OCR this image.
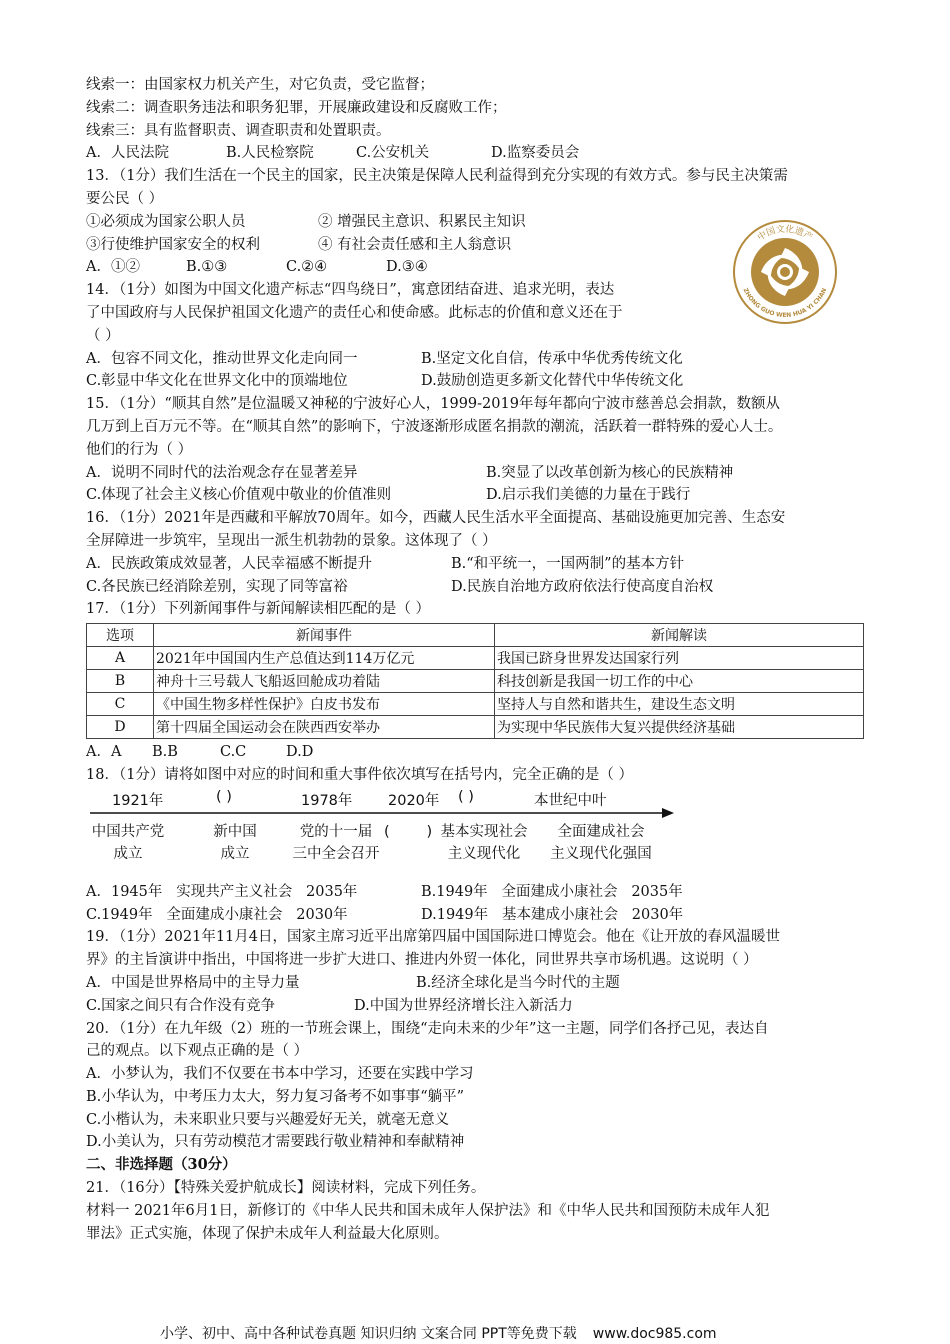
线索一：由国家权力机关产生，对它负责，受它监督；
线索二：调查职务违法和职务犯罪，开展廉政建设和反腐败工作；
线索三：具有监督职责、调查职责和处置职责。
A．人民法院	B.人民检察院	C.公安机关	D.监察委员会
13．（1分）我们生活在一个民主的国家，民主决策是保障人民利益得到充分实现的有效方式。参与民主决策需
要公民（ ）
①必须成为国家公职人员	② 增强民主意识、积累民主知识
③行使维护国家安全的权利	④ 有社会责任感和主人翁意识
A．①②	B.①③	C.②④	D.③④
14．（1分）如图为中国文化遗产标志“四鸟绕日”，寓意团结奋进、追求光明，表达
了中国政府与人民保护祖国文化遗产的责任心和使命感。此标志的价值和意义还在于
（ ）
A．包容不同文化，推动世界文化走向同一	B.坚定文化自信，传承中华优秀传统文化
C.彰显中华文化在世界文化中的顶端地位	D.鼓励创造更多新文化替代中华传统文化
15．（1分）“顺其自然”是位温暖又神秘的宁波好心人，1999-2019年每年都向宁波市慈善总会捐款，数额从
几万到上百万元不等。在“顺其自然”的影响下，宁波逐渐形成匿名捐款的潮流，活跃着一群特殊的爱心人士。
他们的行为（ ）
A．说明不同时代的法治观念存在显著差异	B.突显了以改革创新为核心的民族精神
C.体现了社会主义核心价值观中敬业的价值准则	D.启示我们美德的力量在于践行
16．（1分）2021年是西藏和平解放70周年。如今，西藏人民生活水平全面提高、基础设施更加完善、生态安
全屏障进一步筑牢，呈现出一派生机勃勃的景象。这体现了（ ）
A．民族政策成效显著，人民幸福感不断提升	B.“和平统一，一国两制”的基本方针
C.各民族已经消除差别，实现了同等富裕	D.民族自治地方政府依法行使高度自治权
17．（1分）下列新闻事件与新闻解读相匹配的是（ ）
选项	新闻事件	新闻解读
A	2021年中国国内生产总值达到114万亿元	我国已跻身世界发达国家行列
B	神舟十三号载人飞船返回舱成功着陆	科技创新是我国一切工作的中心
C	《中国生物多样性保护》白皮书发布	坚持人与自然和谐共生，建设生态文明
D	第十四届全国运动会在陕西西安举办	为实现中华民族伟大复兴提供经济基础
A．A	B.B	C.C	D.D
18．（1分）请将如图中对应的时间和重大事件依次填写在括号内，完全正确的是（ ）
1921年	( )	1978年 2020年 ( )	本世纪中叶
中国共产党
成立
新中国
成立
党的十一届
三中全会召开
(        ) 基本实现社会
主义现代化
全面建成社会
主义现代化强国
A．1945年   实现共产主义社会   2035年	B.1949年   全面建成小康社会   2035年
C.1949年   全面建成小康社会   2030年	D.1949年   基本建成小康社会   2030年
19．（1分）2021年11月4日，国家主席习近平出席第四届中国国际进口博览会。他在《让开放的春风温暖世
界》的主旨演讲中指出，中国将进一步扩大进口、推进内外贸一体化，同世界共享市场机遇。这说明（ ）
A．中国是世界格局中的主导力量	B.经济全球化是当今时代的主题
C.国家之间只有合作没有竞争	D.中国为世界经济增长注入新活力
20．（1分）在九年级（2）班的一节班会课上，围绕“走向未来的少年”这一主题，同学们各抒己见，表达自
己的观点。以下观点正确的是（ ）
A．小梦认为，我们不仅要在书本中学习，还要在实践中学习
B.小华认为，中考压力太大，努力复习备考不如事事“躺平”
C.小楷认为，未来职业只要与兴趣爱好无关，就毫无意义
D.小美认为，只有劳动模范才需要践行敬业精神和奉献精神
二、非选择题（30分）
21．（16分）【特殊关爱护航成长】阅读材料，完成下列任务。
材料一 2021年6月1日，新修订的《中华人民共和国未成年人保护法》和《中华人民共和国预防未成年人犯
罪法》正式实施，体现了保护未成年人利益最大化原则。
中国文化遗产
ZHONG GUO WEN HUA YI CHAN
小学、初中、高中各种试卷真题 知识归纳 文案合同 PPT等免费下载 www.doc985.com
